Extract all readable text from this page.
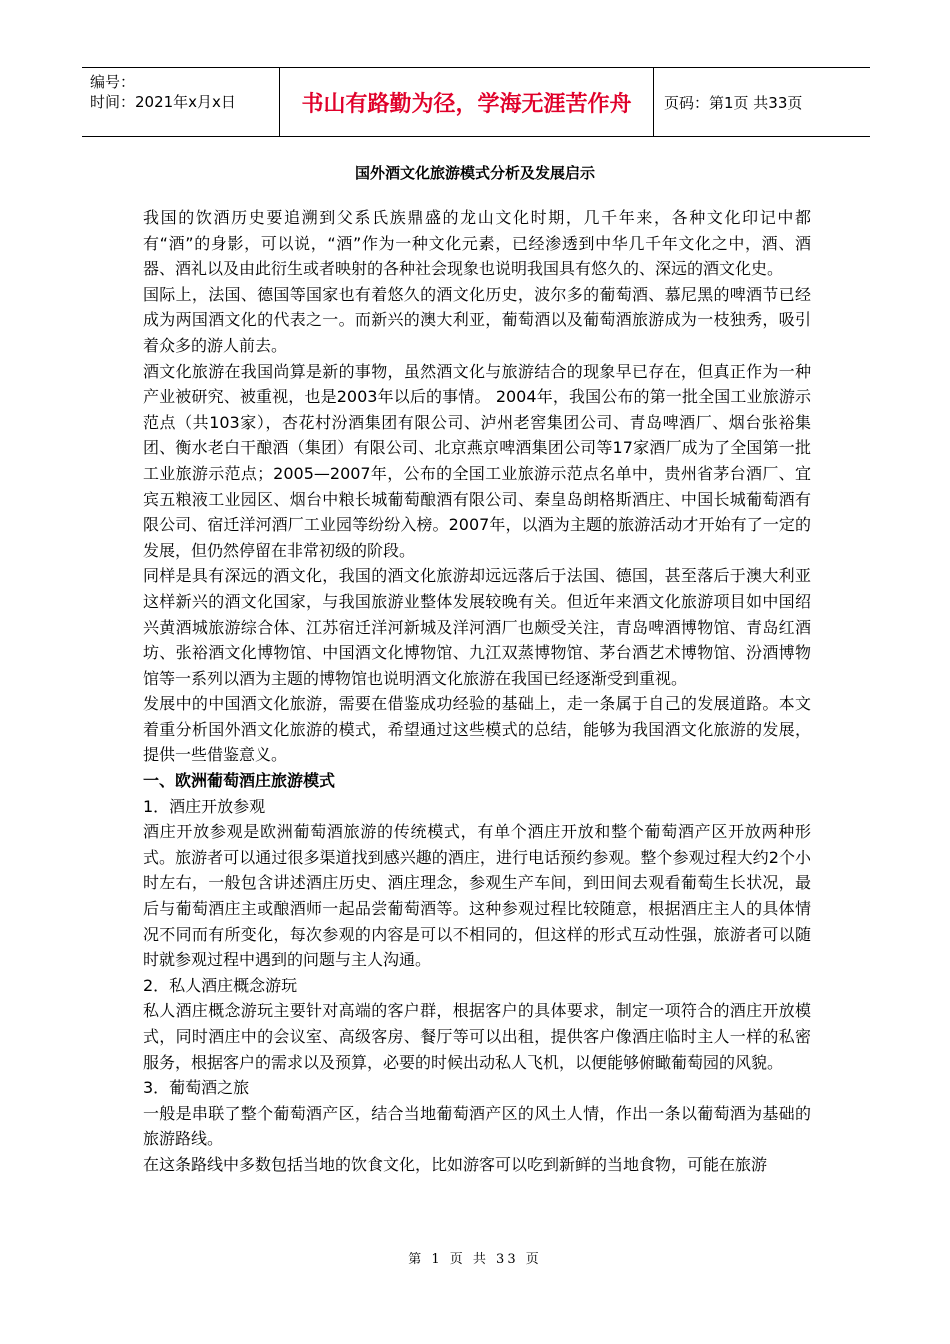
编号：
时间：2021年x月x日	书山有路勤为径，学海无涯苦作舟	页码：第1页 共33页
国外酒文化旅游模式分析及发展启示

我国的饮酒历史要追溯到父系氏族鼎盛的龙山文化时期，几千年来，各种文化印记中都有“酒”的身影，可以说，“酒”作为一种文化元素，已经渗透到中华几千年文化之中，酒、酒器、酒礼以及由此衍生或者映射的各种社会现象也说明我国具有悠久的、深远的酒文化史。

国际上，法国、德国等国家也有着悠久的酒文化历史，波尔多的葡萄酒、慕尼黑的啤酒节已经成为两国酒文化的代表之一。而新兴的澳大利亚，葡萄酒以及葡萄酒旅游成为一枝独秀，吸引着众多的游人前去。

酒文化旅游在我国尚算是新的事物，虽然酒文化与旅游结合的现象早已存在，但真正作为一种产业被研究、被重视，也是2003年以后的事情。 2004年，我国公布的第一批全国工业旅游示范点（共103家），杏花村汾酒集团有限公司、泸州老窖集团公司、青岛啤酒厂、烟台张裕集团、衡水老白干酿酒（集团）有限公司、北京燕京啤酒集团公司等17家酒厂成为了全国第一批工业旅游示范点；2005—2007年，公布的全国工业旅游示范点名单中，贵州省茅台酒厂、宜宾五粮液工业园区、烟台中粮长城葡萄酿酒有限公司、秦皇岛朗格斯酒庄、中国长城葡萄酒有限公司、宿迁洋河酒厂工业园等纷纷入榜。2007年，以酒为主题的旅游活动才开始有了一定的发展，但仍然停留在非常初级的阶段。

同样是具有深远的酒文化，我国的酒文化旅游却远远落后于法国、德国，甚至落后于澳大利亚这样新兴的酒文化国家，与我国旅游业整体发展较晚有关。但近年来酒文化旅游项目如中国绍兴黄酒城旅游综合体、江苏宿迁洋河新城及洋河酒厂也颇受关注，青岛啤酒博物馆、青岛红酒坊、张裕酒文化博物馆、中国酒文化博物馆、九江双蒸博物馆、茅台酒艺术博物馆、汾酒博物馆等一系列以酒为主题的博物馆也说明酒文化旅游在我国已经逐渐受到重视。

发展中的中国酒文化旅游，需要在借鉴成功经验的基础上，走一条属于自己的发展道路。本文着重分析国外酒文化旅游的模式，希望通过这些模式的总结，能够为我国酒文化旅游的发展，提供一些借鉴意义。

一、欧洲葡萄酒庄旅游模式

1．酒庄开放参观

酒庄开放参观是欧洲葡萄酒旅游的传统模式，有单个酒庄开放和整个葡萄酒产区开放两种形式。旅游者可以通过很多渠道找到感兴趣的酒庄，进行电话预约参观。整个参观过程大约2个小时左右，一般包含讲述酒庄历史、酒庄理念，参观生产车间，到田间去观看葡萄生长状况，最后与葡萄酒庄主或酿酒师一起品尝葡萄酒等。这种参观过程比较随意，根据酒庄主人的具体情况不同而有所变化，每次参观的内容是可以不相同的，但这样的形式互动性强，旅游者可以随时就参观过程中遇到的问题与主人沟通。

2．私人酒庄概念游玩

私人酒庄概念游玩主要针对高端的客户群，根据客户的具体要求，制定一项符合的酒庄开放模式，同时酒庄中的会议室、高级客房、餐厅等可以出租，提供客户像酒庄临时主人一样的私密服务，根据客户的需求以及预算，必要的时候出动私人飞机，以便能够俯瞰葡萄园的风貌。

3．葡萄酒之旅

一般是串联了整个葡萄酒产区，结合当地葡萄酒产区的风土人情，作出一条以葡萄酒为基础的旅游路线。

在这条路线中多数包括当地的饮食文化，比如游客可以吃到新鲜的当地食物，可能在旅游

第 1 页 共 33 页
